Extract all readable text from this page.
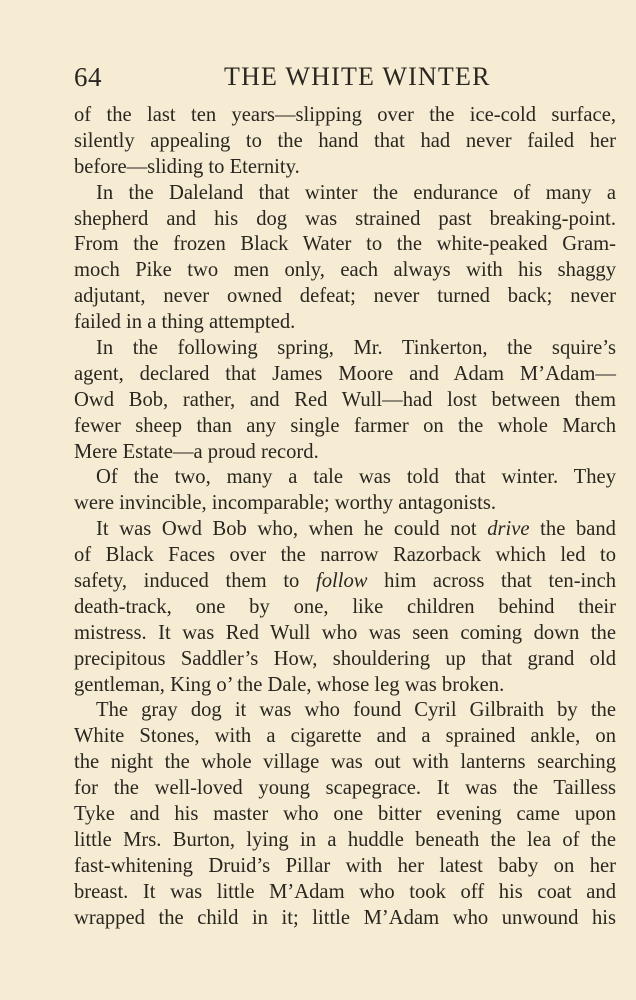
64	THE WHITE WINTER
of the last ten years—slipping over the ice-cold surface,
silently appealing to the hand that had never failed her
before—sliding to Eternity.
In the Daleland that winter the endurance of many a
shepherd and his dog was strained past breaking-point.
From the frozen Black Water to the white-peaked Gram-
moch Pike two men only, each always with his shaggy
adjutant, never owned defeat; never turned back; never
failed in a thing attempted.
In the following spring, Mr. Tinkerton, the squire’s
agent, declared that James Moore and Adam M’Adam—
Owd Bob, rather, and Red Wull—had lost between them
fewer sheep than any single farmer on the whole March
Mere Estate—a proud record.
Of the two, many a tale was told that winter. They
were invincible, incomparable; worthy antagonists.
It was Owd Bob who, when he could not drive the band
of Black Faces over the narrow Razorback which led to
safety, induced them to follow him across that ten-inch
death-track, one by one, like children behind their
mistress. It was Red Wull who was seen coming down the
precipitous Saddler’s How, shouldering up that grand old
gentleman, King o’ the Dale, whose leg was broken.
The gray dog it was who found Cyril Gilbraith by the
White Stones, with a cigarette and a sprained ankle, on
the night the whole village was out with lanterns searching
for the well-loved young scapegrace. It was the Tailless
Tyke and his master who one bitter evening came upon
little Mrs. Burton, lying in a huddle beneath the lea of the
fast-whitening Druid’s Pillar with her latest baby on her
breast. It was little M’Adam who took off his coat and
wrapped the child in it; little M’Adam who unwound his
